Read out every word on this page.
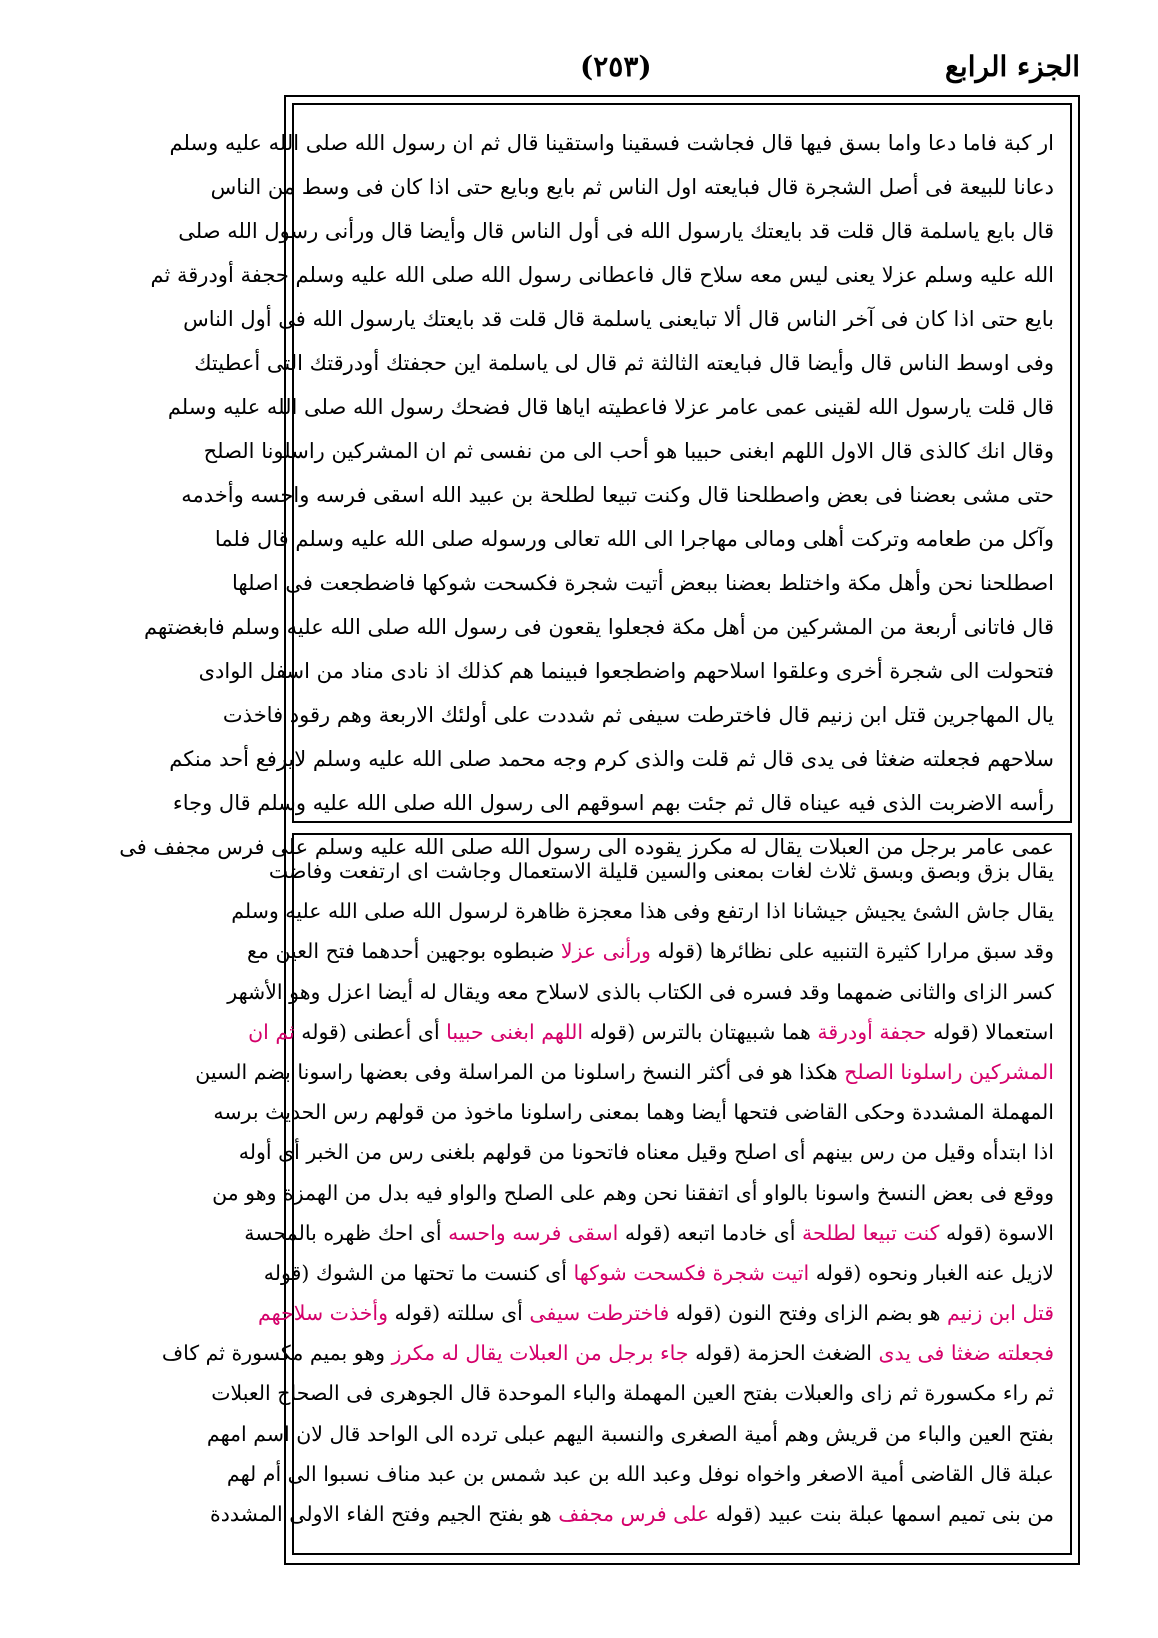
الجزء الرابع
(٢٥٣)
ار كبة فاما دعا واما بسق فيها قال فجاشت فسقينا واستقينا قال ثم ان رسول الله صلى الله عليه وسلم
دعانا للبيعة فى أصل الشجرة قال فبايعته اول الناس ثم بايع وبايع حتى اذا كان فى وسط من الناس
قال بايع ياسلمة قال قلت قد بايعتك يارسول الله فى أول الناس قال وأيضا قال ورأنى رسول الله صلى
الله عليه وسلم عزلا يعنى ليس معه سلاح قال فاعطانى رسول الله صلى الله عليه وسلم حجفة أودرقة ثم
بايع حتى اذا كان فى آخر الناس قال ألا تبايعنى ياسلمة قال قلت قد بايعتك يارسول الله فى أول الناس
وفى اوسط الناس قال وأيضا قال فبايعته الثالثة ثم قال لى ياسلمة اين حجفتك أودرقتك التى أعطيتك
قال قلت يارسول الله لقينى عمى عامر عزلا فاعطيته اياها قال فضحك رسول الله صلى الله عليه وسلم
وقال انك كالذى قال الاول اللهم ابغنى حبيبا هو أحب الى من نفسى ثم ان المشركين راسلونا الصلح
حتى مشى بعضنا فى بعض واصطلحنا قال وكنت تبيعا لطلحة بن عبيد الله اسقى فرسه واحسه وأخدمه
وآكل من طعامه وتركت أهلى ومالى مهاجرا الى الله تعالى ورسوله صلى الله عليه وسلم قال فلما
اصطلحنا نحن وأهل مكة واختلط بعضنا ببعض أتيت شجرة فكسحت شوكها فاضطجعت فى اصلها
قال فاتانى أربعة من المشركين من أهل مكة فجعلوا يقعون فى رسول الله صلى الله عليه وسلم فابغضتهم
فتحولت الى شجرة أخرى وعلقوا اسلاحهم واضطجعوا فبينما هم كذلك اذ نادى مناد من اسفل الوادى
يال المهاجرين قتل ابن زنيم قال فاخترطت سيفى ثم شددت على أولئك الاربعة وهم رقود فاخذت
سلاحهم فجعلته ضغثا فى يدى قال ثم قلت والذى كرم وجه محمد صلى الله عليه وسلم لايرفع أحد منكم
رأسه الاضربت الذى فيه عيناه قال ثم جئت بهم اسوقهم الى رسول الله صلى الله عليه وسلم قال وجاء
عمى عامر برجل من العبلات يقال له مكرز يقوده الى رسول الله صلى الله عليه وسلم على فرس مجفف فى
يقال بزق وبصق وبسق ثلاث لغات بمعنى والسين قليلة الاستعمال وجاشت اى ارتفعت وفاضت
يقال جاش الشئ يجيش جيشانا اذا ارتفع وفى هذا معجزة ظاهرة لرسول الله صلى الله عليه وسلم
وقد سبق مرارا كثيرة التنبيه على نظائرها (قوله ورأنى عزلا ضبطوه بوجهين أحدهما فتح العين مع
كسر الزاى والثانى ضمهما وقد فسره فى الكتاب بالذى لاسلاح معه ويقال له أيضا اعزل وهو الأشهر
استعمالا (قوله حجفة أودرقة هما شبيهتان بالترس (قوله اللهم ابغنى حبيبا أى أعطنى (قوله ثم ان
المشركين راسلونا الصلح هكذا هو فى أكثر النسخ راسلونا من المراسلة وفى بعضها راسونا بضم السين
المهملة المشددة وحكى القاضى فتحها أيضا وهما بمعنى راسلونا ماخوذ من قولهم رس الحديث برسه
اذا ابتدأه وقيل من رس بينهم أى اصلح وقيل معناه فاتحونا من قولهم بلغنى رس من الخبر أى أوله
ووقع فى بعض النسخ واسونا بالواو أى اتفقنا نحن وهم على الصلح والواو فيه بدل من الهمزة وهو من
الاسوة (قوله كنت تبيعا لطلحة أى خادما اتبعه (قوله اسقى فرسه واحسه أى احك ظهره بالمحسة
لازيل عنه الغبار ونحوه (قوله اتيت شجرة فكسحت شوكها أى كنست ما تحتها من الشوك (قوله
قتل ابن زنيم هو بضم الزاى وفتح النون (قوله فاخترطت سيفى أى سللته (قوله وأخذت سلاحهم
فجعلته ضغثا فى يدى الضغث الحزمة (قوله جاء برجل من العبلات يقال له مكرز وهو بميم مكسورة ثم كاف
ثم راء مكسورة ثم زاى والعبلات بفتح العين المهملة والباء الموحدة قال الجوهرى فى الصحاح العبلات
بفتح العين والباء من قريش وهم أمية الصغرى والنسبة اليهم عبلى ترده الى الواحد قال لان اسم امهم
عبلة قال القاضى أمية الاصغر واخواه نوفل وعبد الله بن عبد شمس بن عبد مناف نسبوا الى أم لهم
من بنى تميم اسمها عبلة بنت عبيد (قوله على فرس مجفف هو بفتح الجيم وفتح الفاء الاولى المشددة
